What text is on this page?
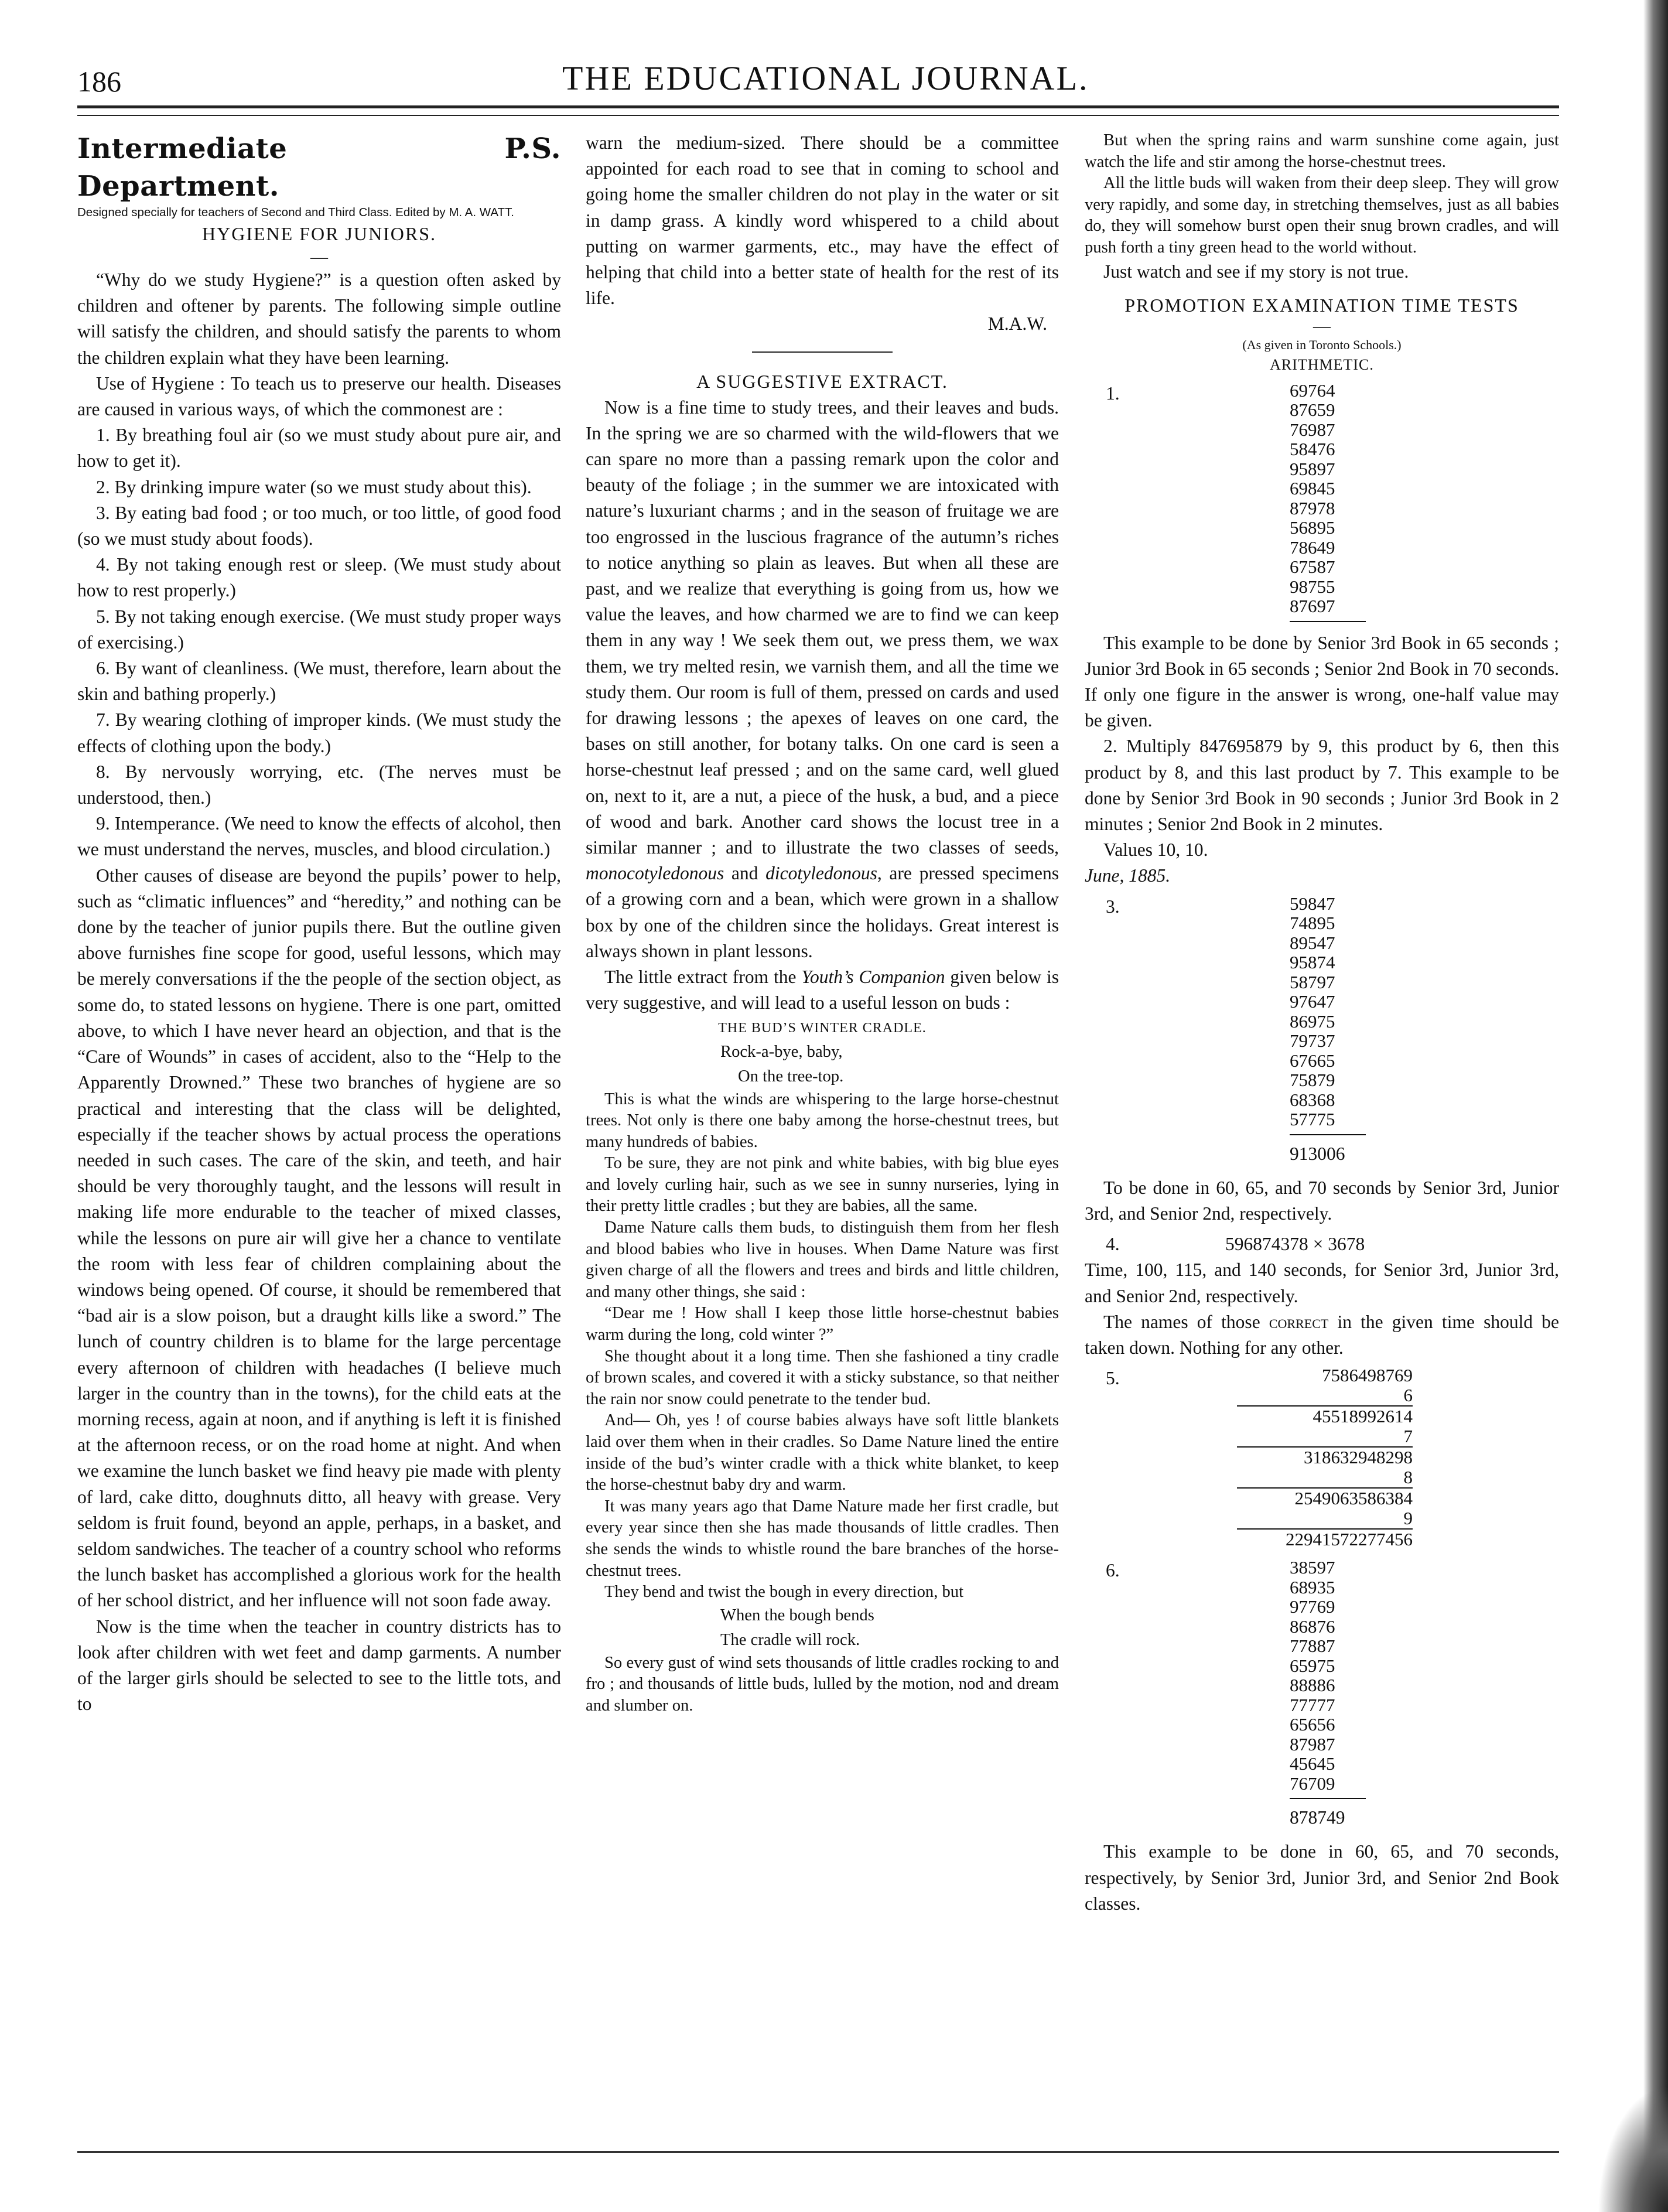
186	THE EDUCATIONAL JOURNAL.

Intermediate P.S. Department.

Designed specially for teachers of Second and Third Class. Edited by M. A. WATT.

HYGIENE FOR JUNIORS.

—

“Why do we study Hygiene?” is a question often asked by children and oftener by parents. The following simple outline will satisfy the children, and should satisfy the parents to whom the children explain what they have been learning.

Use of Hygiene : To teach us to preserve our health. Diseases are caused in various ways, of which the commonest are :

1. By breathing foul air (so we must study about pure air, and how to get it).

2. By drinking impure water (so we must study about this).

3. By eating bad food ; or too much, or too little, of good food (so we must study about foods).

4. By not taking enough rest or sleep. (We must study about how to rest properly.)

5. By not taking enough exercise. (We must study proper ways of exercising.)

6. By want of cleanliness. (We must, therefore, learn about the skin and bathing properly.)

7. By wearing clothing of improper kinds. (We must study the effects of clothing upon the body.)

8. By nervously worrying, etc. (The nerves must be understood, then.)

9. Intemperance. (We need to know the effects of alcohol, then we must understand the nerves, muscles, and blood circulation.)

Other causes of disease are beyond the pupils’ power to help, such as “climatic influences” and “heredity,” and nothing can be done by the teacher of junior pupils there. But the outline given above furnishes fine scope for good, useful lessons, which may be merely conversations if the the people of the section object, as some do, to stated lessons on hygiene. There is one part, omitted above, to which I have never heard an objection, and that is the “Care of Wounds” in cases of accident, also to the “Help to the Apparently Drowned.” These two branches of hygiene are so practical and interesting that the class will be delighted, especially if the teacher shows by actual process the operations needed in such cases. The care of the skin, and teeth, and hair should be very thoroughly taught, and the lessons will result in making life more endurable to the teacher of mixed classes, while the lessons on pure air will give her a chance to ventilate the room with less fear of children complaining about the windows being opened. Of course, it should be remembered that “bad air is a slow poison, but a draught kills like a sword.” The lunch of country children is to blame for the large percentage every afternoon of children with headaches (I believe much larger in the country than in the towns), for the child eats at the morning recess, again at noon, and if anything is left it is finished at the afternoon recess, or on the road home at night. And when we examine the lunch basket we find heavy pie made with plenty of lard, cake ditto, doughnuts ditto, all heavy with grease. Very seldom is fruit found, beyond an apple, perhaps, in a basket, and seldom sandwiches. The teacher of a country school who reforms the lunch basket has accomplished a glorious work for the health of her school district, and her influence will not soon fade away.

Now is the time when the teacher in country districts has to look after children with wet feet and damp garments. A number of the larger girls should be selected to see to the little tots, and to

warn the medium-sized. There should be a committee appointed for each road to see that in coming to school and going home the smaller children do not play in the water or sit in damp grass. A kindly word whispered to a child about putting on warmer garments, etc., may have the effect of helping that child into a better state of health for the rest of its life.

M.A.W.

A SUGGESTIVE EXTRACT.

Now is a fine time to study trees, and their leaves and buds. In the spring we are so charmed with the wild-flowers that we can spare no more than a passing remark upon the color and beauty of the foliage ; in the summer we are intoxicated with nature’s luxuriant charms ; and in the season of fruitage we are too engrossed in the luscious fragrance of the autumn’s riches to notice anything so plain as leaves. But when all these are past, and we realize that everything is going from us, how we value the leaves, and how charmed we are to find we can keep them in any way ! We seek them out, we press them, we wax them, we try melted resin, we varnish them, and all the time we study them. Our room is full of them, pressed on cards and used for drawing lessons ; the apexes of leaves on one card, the bases on still another, for botany talks. On one card is seen a horse-chestnut leaf pressed ; and on the same card, well glued on, next to it, are a nut, a piece of the husk, a bud, and a piece of wood and bark. Another card shows the locust tree in a similar manner ; and to illustrate the two classes of seeds, monocotyledonous and dicotyledonous, are pressed specimens of a growing corn and a bean, which were grown in a shallow box by one of the children since the holidays. Great interest is always shown in plant lessons.

The little extract from the Youth’s Companion given below is very suggestive, and will lead to a useful lesson on buds :

THE BUD’S WINTER CRADLE.

Rock-a-bye, baby,

On the tree-top.

This is what the winds are whispering to the large horse-chestnut trees. Not only is there one baby among the horse-chestnut trees, but many hundreds of babies.

To be sure, they are not pink and white babies, with big blue eyes and lovely curling hair, such as we see in sunny nurseries, lying in their pretty little cradles ; but they are babies, all the same.

Dame Nature calls them buds, to distinguish them from her flesh and blood babies who live in houses. When Dame Nature was first given charge of all the flowers and trees and birds and little children, and many other things, she said :

“Dear me ! How shall I keep those little horse-chestnut babies warm during the long, cold winter ?”

She thought about it a long time. Then she fashioned a tiny cradle of brown scales, and covered it with a sticky substance, so that neither the rain nor snow could penetrate to the tender bud.

And— Oh, yes ! of course babies always have soft little blankets laid over them when in their cradles. So Dame Nature lined the entire inside of the bud’s winter cradle with a thick white blanket, to keep the horse-chestnut baby dry and warm.

It was many years ago that Dame Nature made her first cradle, but every year since then she has made thousands of little cradles. Then she sends the winds to whistle round the bare branches of the horse-chestnut trees.

They bend and twist the bough in every direction, but

When the bough bends

The cradle will rock.

So every gust of wind sets thousands of little cradles rocking to and fro ; and thousands of little buds, lulled by the motion, nod and dream and slumber on.

But when the spring rains and warm sunshine come again, just watch the life and stir among the horse-chestnut trees.

All the little buds will waken from their deep sleep. They will grow very rapidly, and some day, in stretching themselves, just as all babies do, they will somehow burst open their snug brown cradles, and will push forth a tiny green head to the world without.

Just watch and see if my story is not true.

PROMOTION EXAMINATION TIME TESTS

—

(As given in Toronto Schools.)

ARITHMETIC.

1.	69764
87659
76987
58476
95897
69845
87978
56895
78649
67587
98755
87697

This example to be done by Senior 3rd Book in 65 seconds ; Junior 3rd Book in 65 seconds ; Senior 2nd Book in 70 seconds. If only one figure in the answer is wrong, one-half value may be given.

2. Multiply 847695879 by 9, this product by 6, then this product by 8, and this last product by 7. This example to be done by Senior 3rd Book in 90 seconds ; Junior 3rd Book in 2 minutes ; Senior 2nd Book in 2 minutes.

Values 10, 10.

June, 1885.

3.	59847
74895
89547
95874
58797
97647
86975
79737
67665
75879
68368
57775
913006

To be done in 60, 65, and 70 seconds by Senior 3rd, Junior 3rd, and Senior 2nd, respectively.

4.	596874378 × 3678

Time, 100, 115, and 140 seconds, for Senior 3rd, Junior 3rd, and Senior 2nd, respectively.

The names of those correct in the given time should be taken down. Nothing for any other.

5.	7586498769
6
45518992614
7
318632948298
8
2549063586384
9
22941572277456
6.	38597
68935
97769
86876
77887
65975
88886
77777
65656
87987
45645
76709
878749

This example to be done in 60, 65, and 70 seconds, respectively, by Senior 3rd, Junior 3rd, and Senior 2nd Book classes.
